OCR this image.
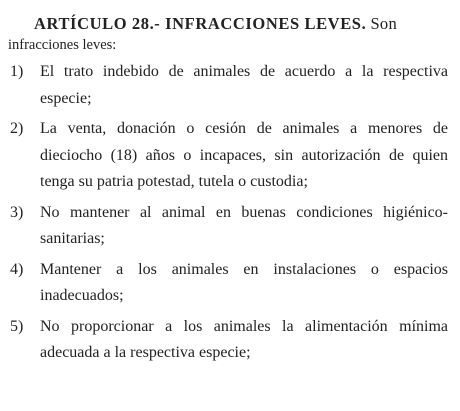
ARTÍCULO 28.- INFRACCIONES LEVES. Son

infracciones leves:

1) El trato indebido de animales de acuerdo a la respectiva especie;
2) La venta, donación o cesión de animales a menores de dieciocho (18) años o incapaces, sin autorización de quien tenga su patria potestad, tutela o custodia;
3) No mantener al animal en buenas condiciones higiénico-sanitarias;
4) Mantener a los animales en instalaciones o espacios inadecuados;
5) No proporcionar a los animales la alimentación mínima adecuada a la respectiva especie;
